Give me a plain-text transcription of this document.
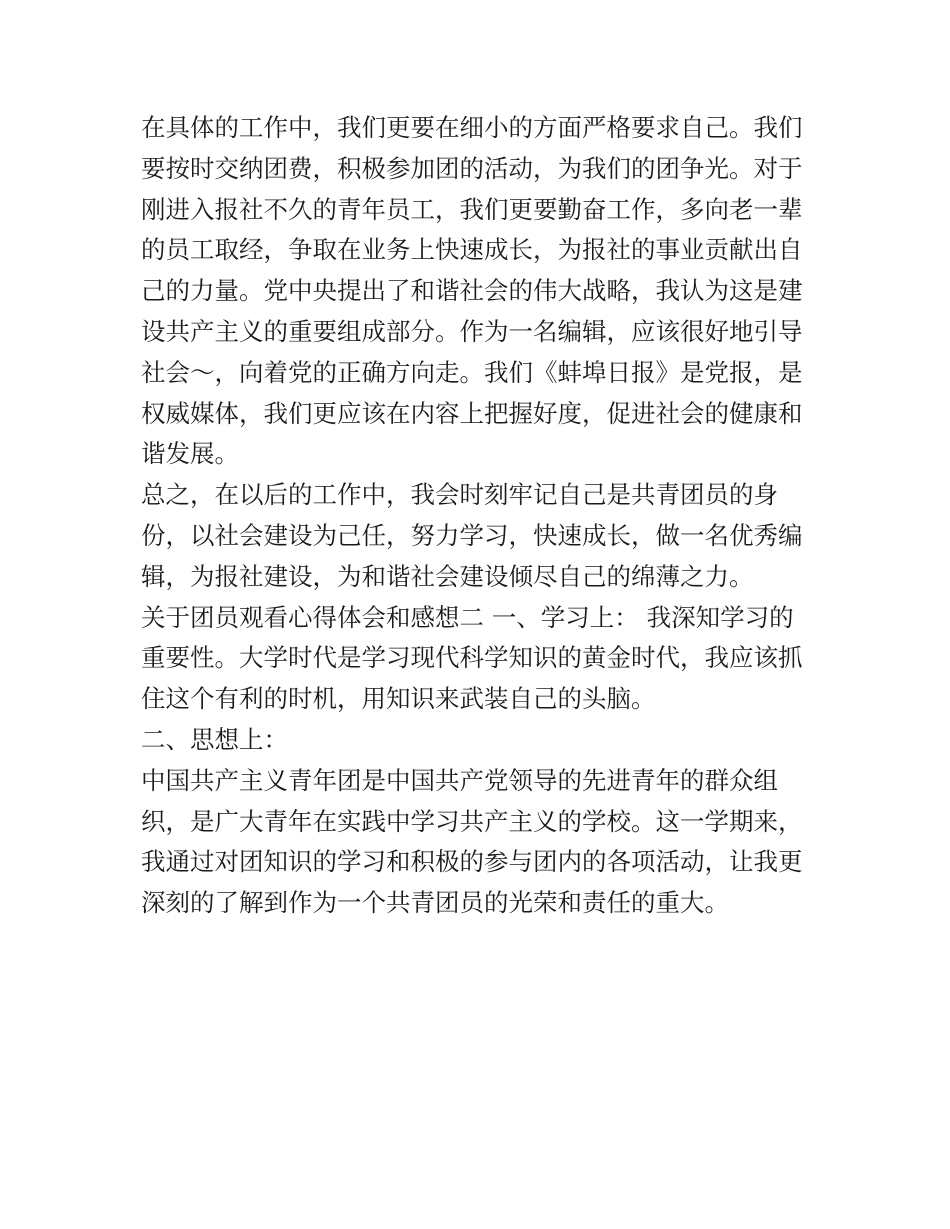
在具体的工作中，我们更要在细小的方面严格要求自己。我们
要按时交纳团费，积极参加团的活动，为我们的团争光。对于
刚进入报社不久的青年员工，我们更要勤奋工作，多向老一辈
的员工取经，争取在业务上快速成长，为报社的事业贡献出自
己的力量。党中央提出了和谐社会的伟大战略，我认为这是建
设共产主义的重要组成部分。作为一名编辑，应该很好地引导
社会～，向着党的正确方向走。我们《蚌埠日报》是党报，是
权威媒体，我们更应该在内容上把握好度，促进社会的健康和
谐发展。
总之，在以后的工作中，我会时刻牢记自己是共青团员的身
份，以社会建设为己任，努力学习，快速成长，做一名优秀编
辑，为报社建设，为和谐社会建设倾尽自己的绵薄之力。
关于团员观看心得体会和感想二 一、学习上： 我深知学习的
重要性。大学时代是学习现代科学知识的黄金时代，我应该抓
住这个有利的时机，用知识来武装自己的头脑。
二、思想上：
中国共产主义青年团是中国共产党领导的先进青年的群众组
织，是广大青年在实践中学习共产主义的学校。这一学期来，
我通过对团知识的学习和积极的参与团内的各项活动，让我更
深刻的了解到作为一个共青团员的光荣和责任的重大。
